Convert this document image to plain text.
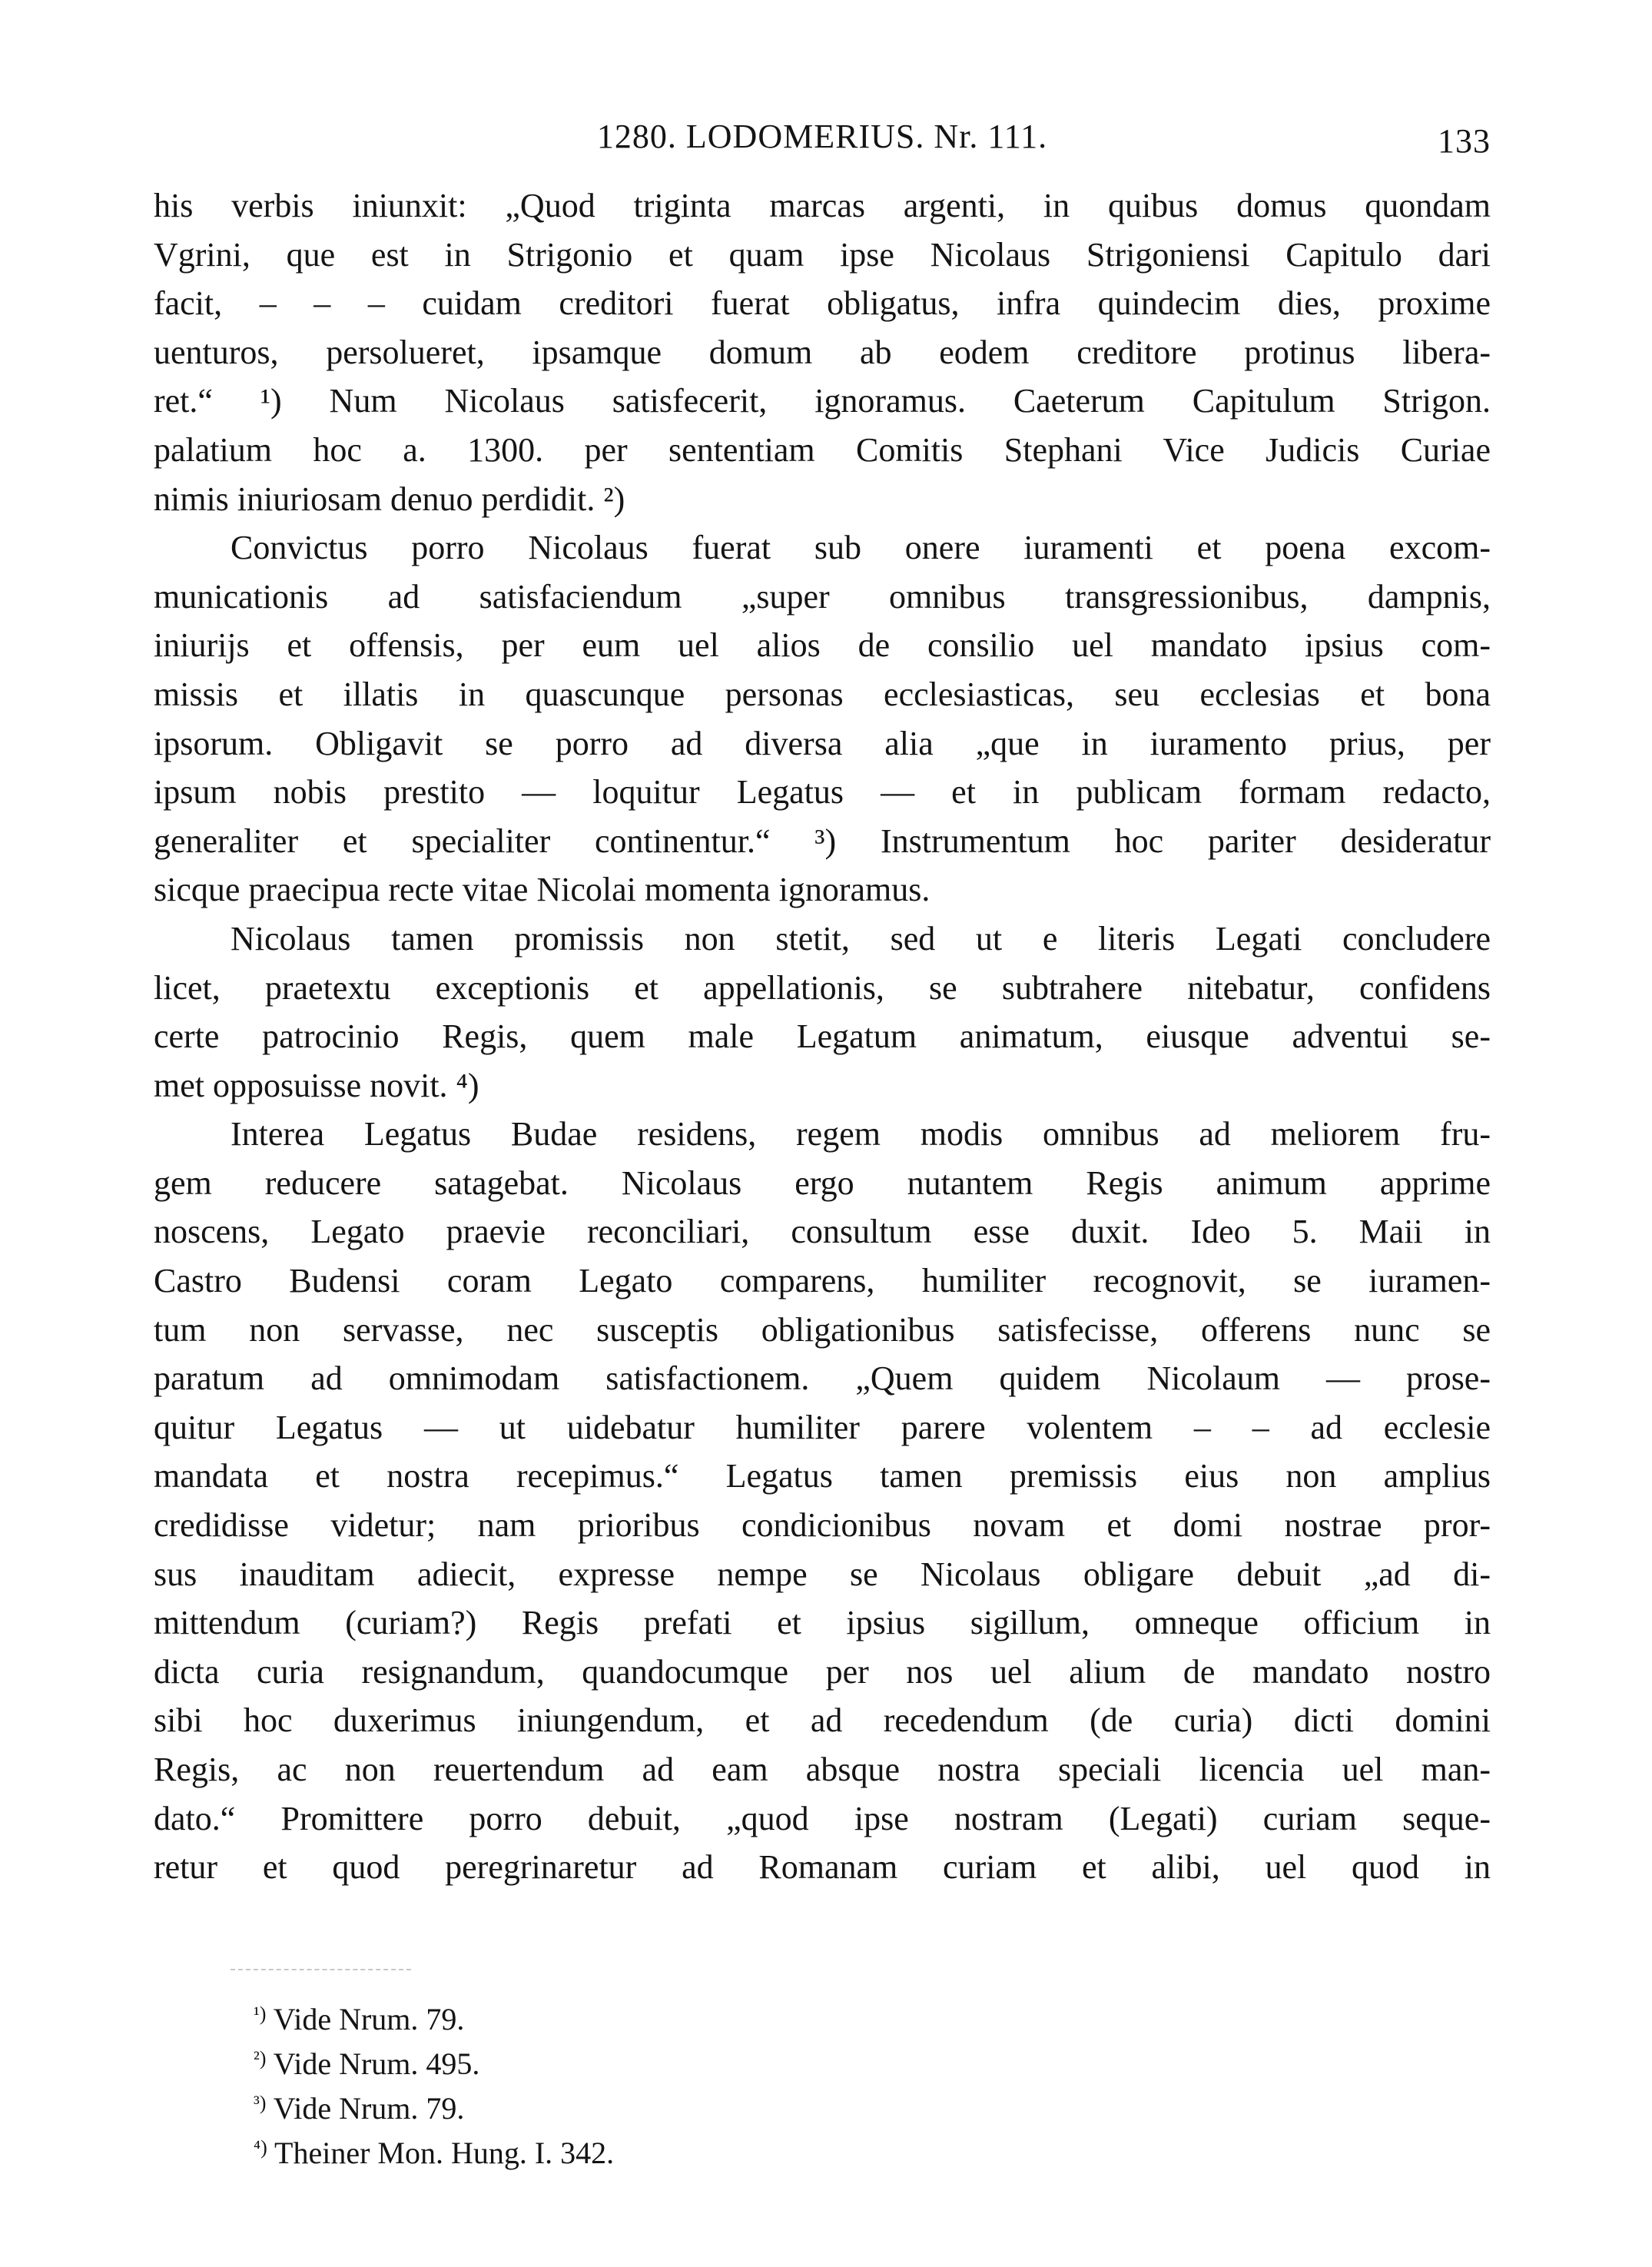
1280. LODOMERIUS. Nr. 111.	133
his verbis iniunxit: „Quod triginta marcas argenti, in quibus domus quondam
Vgrini, que est in Strigonio et quam ipse Nicolaus Strigoniensi Capitulo dari
facit, – – – cuidam creditori fuerat obligatus, infra quindecim dies, proxime
uenturos, persolueret, ipsamque domum ab eodem creditore protinus libera-
ret.“ ¹) Num Nicolaus satisfecerit, ignoramus. Caeterum Capitulum Strigon.
palatium hoc a. 1300. per sententiam Comitis Stephani Vice Judicis Curiae
nimis iniuriosam denuo perdidit. ²)
Convictus porro Nicolaus fuerat sub onere iuramenti et poena excom-
municationis ad satisfaciendum „super omnibus transgressionibus, dampnis,
iniurijs et offensis, per eum uel alios de consilio uel mandato ipsius com-
missis et illatis in quascunque personas ecclesiasticas, seu ecclesias et bona
ipsorum. Obligavit se porro ad diversa alia „que in iuramento prius, per
ipsum nobis prestito — loquitur Legatus — et in publicam formam redacto,
generaliter et specialiter continentur.“ ³) Instrumentum hoc pariter desideratur
sicque praecipua recte vitae Nicolai momenta ignoramus.
Nicolaus tamen promissis non stetit, sed ut e literis Legati concludere
licet, praetextu exceptionis et appellationis, se subtrahere nitebatur, confidens
certe patrocinio Regis, quem male Legatum animatum, eiusque adventui se-
met opposuisse novit. ⁴)
Interea Legatus Budae residens, regem modis omnibus ad meliorem fru-
gem reducere satagebat. Nicolaus ergo nutantem Regis animum apprime
noscens, Legato praevie reconciliari, consultum esse duxit. Ideo 5. Maii in
Castro Budensi coram Legato comparens, humiliter recognovit, se iuramen-
tum non servasse, nec susceptis obligationibus satisfecisse, offerens nunc se
paratum ad omnimodam satisfactionem. „Quem quidem Nicolaum — prose-
quitur Legatus — ut uidebatur humiliter parere volentem – – ad ecclesie
mandata et nostra recepimus.“ Legatus tamen premissis eius non amplius
credidisse videtur; nam prioribus condicionibus novam et domi nostrae pror-
sus inauditam adiecit, expresse nempe se Nicolaus obligare debuit „ad di-
mittendum (curiam?) Regis prefati et ipsius sigillum, omneque officium in
dicta curia resignandum, quandocumque per nos uel alium de mandato nostro
sibi hoc duxerimus iniungendum, et ad recedendum (de curia) dicti domini
Regis, ac non reuertendum ad eam absque nostra speciali licencia uel man-
dato.“ Promittere porro debuit, „quod ipse nostram (Legati) curiam seque-
retur et quod peregrinaretur ad Romanam curiam et alibi, uel quod in
$^{^1)}$ Vide Nrum. 79.
$^{^2)}$ Vide Nrum. 495.
$^{^3)}$ Vide Nrum. 79.
$^{^4)}$ Theiner Mon. Hung. I. 342.
